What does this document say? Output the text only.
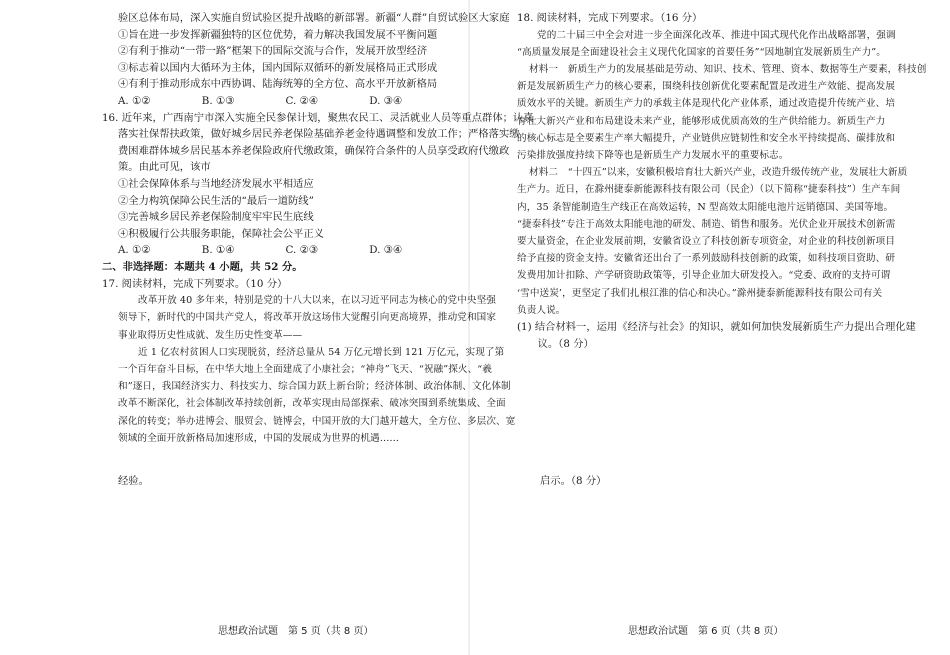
验区总体布局，深入实施自贸试验区提升战略的新部署。新疆“人群”自贸试验区大家庭
①旨在进一步发挥新疆独特的区位优势，着力解决我国发展不平衡问题
②有利于推动“一带一路”框架下的国际交流与合作，发展开放型经济
③标志着以国内大循环为主体，国内国际双循环的新发展格局正式形成
④有利于推动形成东中西协调、陆海统筹的全方位、高水平开放新格局
A. ①②	B. ①③	C. ②④	D. ③④
16. 近年来，广西南宁市深入实施全民参保计划，聚焦农民工、灵活就业人员等重点群体；认真
落实社保帮扶政策，做好城乡居民养老保险基础养老金待遇调整和发放工作；严格落实缴
费困难群体城乡居民基本养老保险政府代缴政策，确保符合条件的人员享受政府代缴政
策。由此可见，该市
①社会保障体系与当地经济发展水平相适应
②全力构筑保障公民生活的“最后一道防线”
③完善城乡居民养老保险制度牢牢民生底线
④积极履行公共服务职能，保障社会公平正义
A. ①②	B. ①④	C. ②③	D. ③④
二、非选择题：本题共 4 小题，共 52 分。
17. 阅读材料，完成下列要求。（10 分）
改革开放 40 多年来，特别是党的十八大以来，在以习近平同志为核心的党中央坚强
领导下，新时代的中国共产党人，将改革开放这场伟大觉醒引向更高境界，推动党和国家
事业取得历史性成就、发生历史性变革——
近 1 亿农村贫困人口实现脱贫，经济总量从 54 万亿元增长到 121 万亿元，实现了第
一个百年奋斗目标，在中华大地上全面建成了小康社会；“神舟”飞天、“祝融”探火、“羲
和”逐日，我国经济实力、科技实力、综合国力跃上新台阶；经济体制、政治体制、文化体制
改革不断深化，社会体制改革持续创新，改革实现由局部探索、破冰突围到系统集成、全面
深化的转变；举办进博会、服贸会、链博会，中国开放的大门越开越大，全方位、多层次、宽
领域的全面开放新格局加速形成，中国的发展成为世界的机遇……
经验。
思想政治试题　第 5 页（共 8 页）
18. 阅读材料，完成下列要求。（16 分）
党的二十届三中全会对进一步全面深化改革、推进中国式现代化作出战略部署，强调
“高质量发展是全面建设社会主义现代化国家的首要任务”“因地制宜发展新质生产力”。
材料一　新质生产力的发展基础是劳动、知识、技术、管理、资本、数据等生产要素，科技创
新是发展新质生产力的核心要素，围绕科技创新优化要素配置是改进生产效能、提高发展
质效水平的关键。新质生产力的承载主体是现代化产业体系，通过改造提升传统产业、培
育壮大新兴产业和布局建设未来产业，能够形成优质高效的生产供给能力。新质生产力
的核心标志是全要素生产率大幅提升，产业链供应链韧性和安全水平持续提高、碳排放和
污染排放强度持续下降等也是新质生产力发展水平的重要标志。
材料二　“十四五”以来，安徽积极培育壮大新兴产业，改造升级传统产业，发展壮大新质
生产力。近日，在滁州捷泰新能源科技有限公司（民企）（以下简称“捷泰科技”）生产车间
内，35 条智能制造生产线正在高效运转，N 型高效太阳能电池片远销德国、美国等地。
“捷泰科技”专注于高效太阳能电池的研发、制造、销售和服务。光伏企业开展技术创新需
要大量资金，在企业发展前期，安徽省设立了科技创新专项资金，对企业的科技创新项目
给予直接的资金支持。安徽省还出台了一系列鼓励科技创新的政策，如科技项目资助、研
发费用加计扣除、产学研资助政策等，引导企业加大研发投入。“党委、政府的支持可谓
‘雪中送炭’，更坚定了我们扎根江淮的信心和决心。”滁州捷泰新能源科技有限公司有关
负责人说。
(1) 结合材料一，运用《经济与社会》的知识，就如何加快发展新质生产力提出合理化建
　　议。（8 分）
启示。（8 分）
思想政治试题　第 6 页（共 8 页）
